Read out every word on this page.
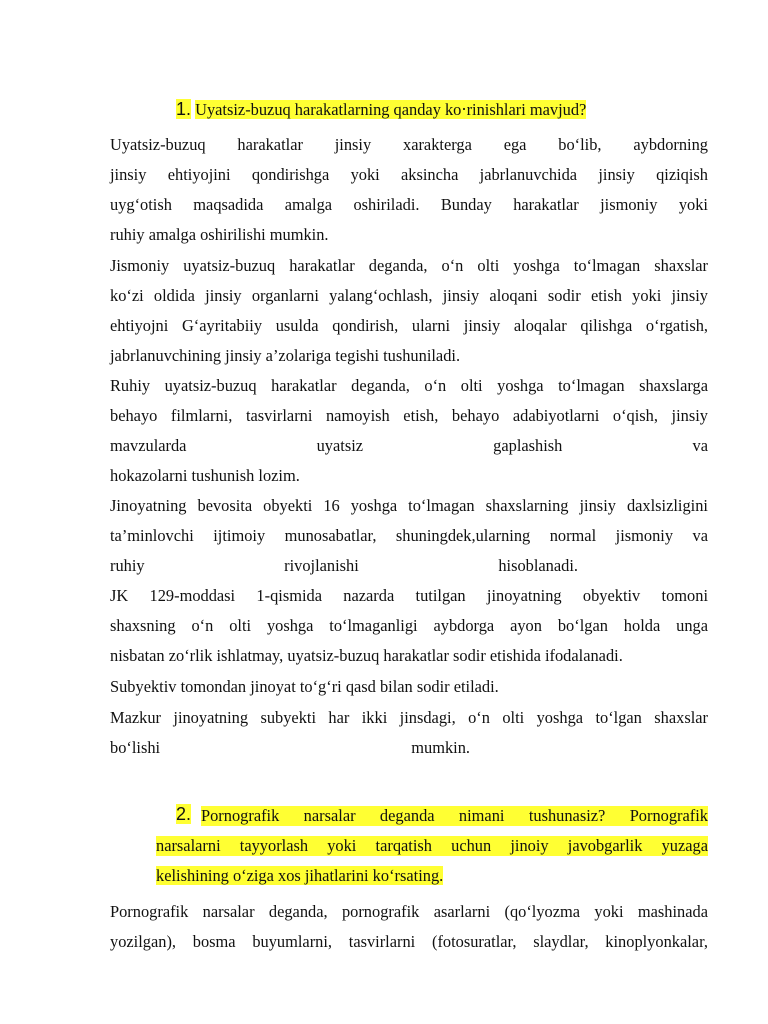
1. Uyatsiz-buzuq harakatlarning qanday ko‧rinishlari mavjud?
Uyatsiz-buzuq harakatlar jinsiy xarakterga ega bo‘lib, aybdorning
jinsiy ehtiyojini qondirishga yoki aksincha jabrlanuvchida jinsiy qiziqish
uyg‘otish maqsadida amalga oshiriladi. Bunday harakatlar jismoniy yoki
ruhiy amalga oshirilishi mumkin.
Jismoniy uyatsiz-buzuq harakatlar deganda, o‘n olti yoshga to‘lmagan shaxslar
ko‘zi oldida jinsiy organlarni yalang‘ochlash, jinsiy aloqani sodir etish yoki jinsiy
ehtiyojni G‘ayritabiiy usulda qondirish, ularni jinsiy aloqalar qilishga o‘rgatish,
jabrlanuvchining jinsiy a’zolariga tegishi tushuniladi.
Ruhiy uyatsiz-buzuq harakatlar deganda, o‘n olti yoshga to‘lmagan shaxslarga
behayo filmlarni, tasvirlarni namoyish etish, behayo adabiyotlarni o‘qish, jinsiy
mavzularda uyatsiz gaplashish va
hokazolarni tushunish lozim.
Jinoyatning bevosita obyekti 16 yoshga to‘lmagan shaxslarning jinsiy daxlsizligini
ta’minlovchi ijtimoiy munosabatlar, shuningdek,ularning normal jismoniy va
ruhiy rivojlanishi hisoblanadi.
JK 129-moddasi 1-qismida nazarda tutilgan jinoyatning obyektiv tomoni
shaxsning o‘n olti yoshga to‘lmaganligi aybdorga ayon bo‘lgan holda unga
nisbatan zo‘rlik ishlatmay, uyatsiz-buzuq harakatlar sodir etishida ifodalanadi.
Subyektiv tomondan jinoyat to‘g‘ri qasd bilan sodir etiladi.
Mazkur jinoyatning subyekti har ikki jinsdagi, o‘n olti yoshga to‘lgan shaxslar
bo‘lishi mumkin.
2. Pornografik narsalar deganda nimani tushunasiz? Pornografik
narsalarni tayyorlash yoki tarqatish uchun jinoiy javobgarlik yuzaga
kelishining o‘ziga xos jihatlarini ko‘rsating.
Pornografik narsalar deganda, pornografik asarlarni (qo‘lyozma yoki mashinada
yozilgan), bosma buyumlarni, tasvirlarni (fotosuratlar, slaydlar, kinoplyonkalar,
